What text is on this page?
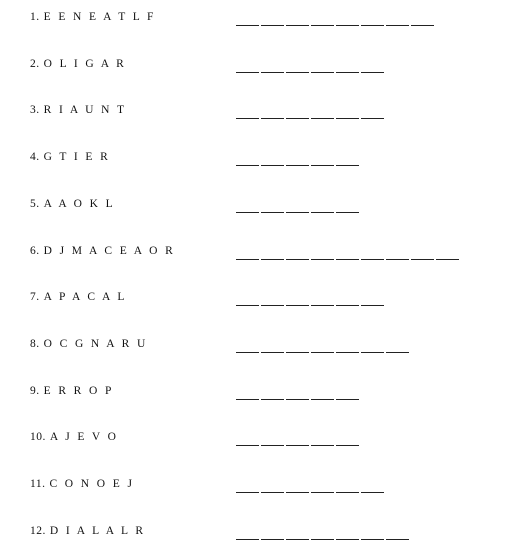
1. E E N E A T L F
2. O L I G A R
3. R I A U N T
4. G T I E R
5. A A O K L
6. D J M A C E A O R
7. A P A C A L
8. O C G N A R U
9. E R R O P
10. A J E V O
11. C O N O E J
12. D I A L A L R
